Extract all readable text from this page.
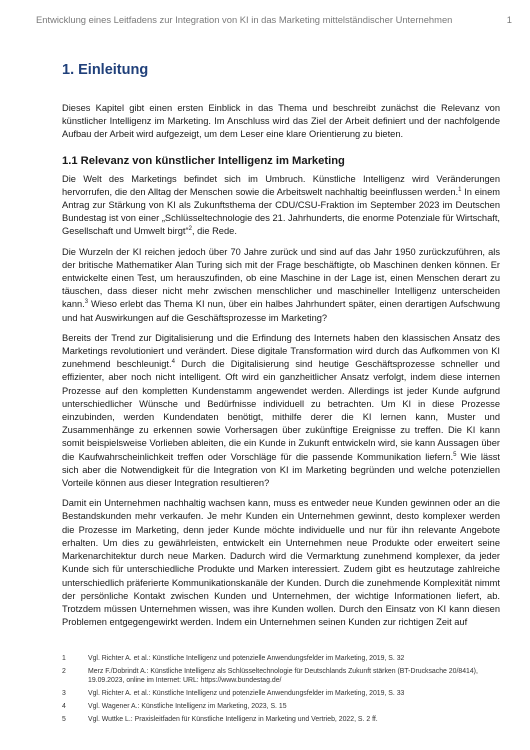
Entwicklung eines Leitfadens zur Integration von KI in das Marketing mittelständischer Unternehmen	1
1. Einleitung

Dieses Kapitel gibt einen ersten Einblick in das Thema und beschreibt zunächst die Relevanz von künstlicher Intelligenz im Marketing. Im Anschluss wird das Ziel der Arbeit definiert und der nachfolgende Aufbau der Arbeit wird aufgezeigt, um dem Leser eine klare Orientierung zu bieten.

1.1 Relevanz von künstlicher Intelligenz im Marketing

Die Welt des Marketings befindet sich im Umbruch. Künstliche Intelligenz wird Veränderungen hervorrufen, die den Alltag der Menschen sowie die Arbeitswelt nachhaltig beeinflussen werden.$^1$ In einem Antrag zur Stärkung von KI als Zukunftsthema der CDU/CSU-Fraktion im September 2023 im Deutschen Bundestag ist von einer „Schlüsseltechnologie des 21. Jahrhunderts, die enorme Potenziale für Wirtschaft, Gesellschaft und Umwelt birgt“$^2$, die Rede.

Die Wurzeln der KI reichen jedoch über 70 Jahre zurück und sind auf das Jahr 1950 zurückzuführen, als der britische Mathematiker Alan Turing sich mit der Frage beschäftigte, ob Maschinen denken können. Er entwickelte einen Test, um herauszufinden, ob eine Maschine in der Lage ist, einen Menschen derart zu täuschen, dass dieser nicht mehr zwischen menschlicher und maschineller Intelligenz unterscheiden kann.$^3$ Wieso erlebt das Thema KI nun, über ein halbes Jahrhundert später, einen derartigen Aufschwung und hat Auswirkungen auf die Geschäftsprozesse im Marketing?

Bereits der Trend zur Digitalisierung und die Erfindung des Internets haben den klassischen Ansatz des Marketings revolutioniert und verändert. Diese digitale Transformation wird durch das Aufkommen von KI zunehmend beschleunigt.$^4$ Durch die Digitalisierung sind heutige Geschäftsprozesse schneller und effizienter, aber noch nicht intelligent. Oft wird ein ganzheitlicher Ansatz verfolgt, indem diese internen Prozesse auf den kompletten Kundenstamm angewendet werden. Allerdings ist jeder Kunde aufgrund unterschiedlicher Wünsche und Bedürfnisse individuell zu betrachten. Um KI in diese Prozesse einzubinden, werden Kundendaten benötigt, mithilfe derer die KI lernen kann, Muster und Zusammenhänge zu erkennen sowie Vorhersagen über zukünftige Ereignisse zu treffen. Die KI kann somit beispielsweise Vorlieben ableiten, die ein Kunde in Zukunft entwickeln wird, sie kann Aussagen über die Kaufwahrscheinlichkeit treffen oder Vorschläge für die passende Kommunikation liefern.$^5$ Wie lässt sich aber die Notwendigkeit für die Integration von KI im Marketing begründen und welche potenziellen Vorteile können aus dieser Integration resultieren?

Damit ein Unternehmen nachhaltig wachsen kann, muss es entweder neue Kunden gewinnen oder an die Bestandskunden mehr verkaufen. Je mehr Kunden ein Unternehmen gewinnt, desto komplexer werden die Prozesse im Marketing, denn jeder Kunde möchte individuelle und nur für ihn relevante Angebote erhalten. Um dies zu gewährleisten, entwickelt ein Unternehmen neue Produkte oder erweitert seine Markenarchitektur durch neue Marken. Dadurch wird die Vermarktung zunehmend komplexer, da jeder Kunde sich für unterschiedliche Produkte und Marken interessiert. Zudem gibt es heutzutage zahlreiche unterschiedlich präferierte Kommunikationskanäle der Kunden. Durch die zunehmende Komplexität nimmt der persönliche Kontakt zwischen Kunden und Unternehmen, der wichtige Informationen liefert, ab. Trotzdem müssen Unternehmen wissen, was ihre Kunden wollen. Durch den Einsatz von KI kann diesen Problemen entgegengewirkt werden. Indem ein Unternehmen seinen Kunden zur richtigen Zeit auf

1	Vgl. Richter A. et al.: Künstliche Intelligenz und potenzielle Anwendungsfelder im Marketing, 2019, S. 32
2	Merz F./Dobrindt A.: Künstliche Intelligenz als Schlüsseltechnologie für Deutschlands Zukunft stärken (BT-Drucksache 20/8414), 19.09.2023, online im Internet: URL: https://www.bundestag.de/
3	Vgl. Richter A. et al.: Künstliche Intelligenz und potenzielle Anwendungsfelder im Marketing, 2019, S. 33
4	Vgl. Wagener A.: Künstliche Intelligenz im Marketing, 2023, S. 15
5	Vgl. Wuttke L.: Praxisleitfaden für Künstliche Intelligenz in Marketing und Vertrieb, 2022, S. 2 ff.
